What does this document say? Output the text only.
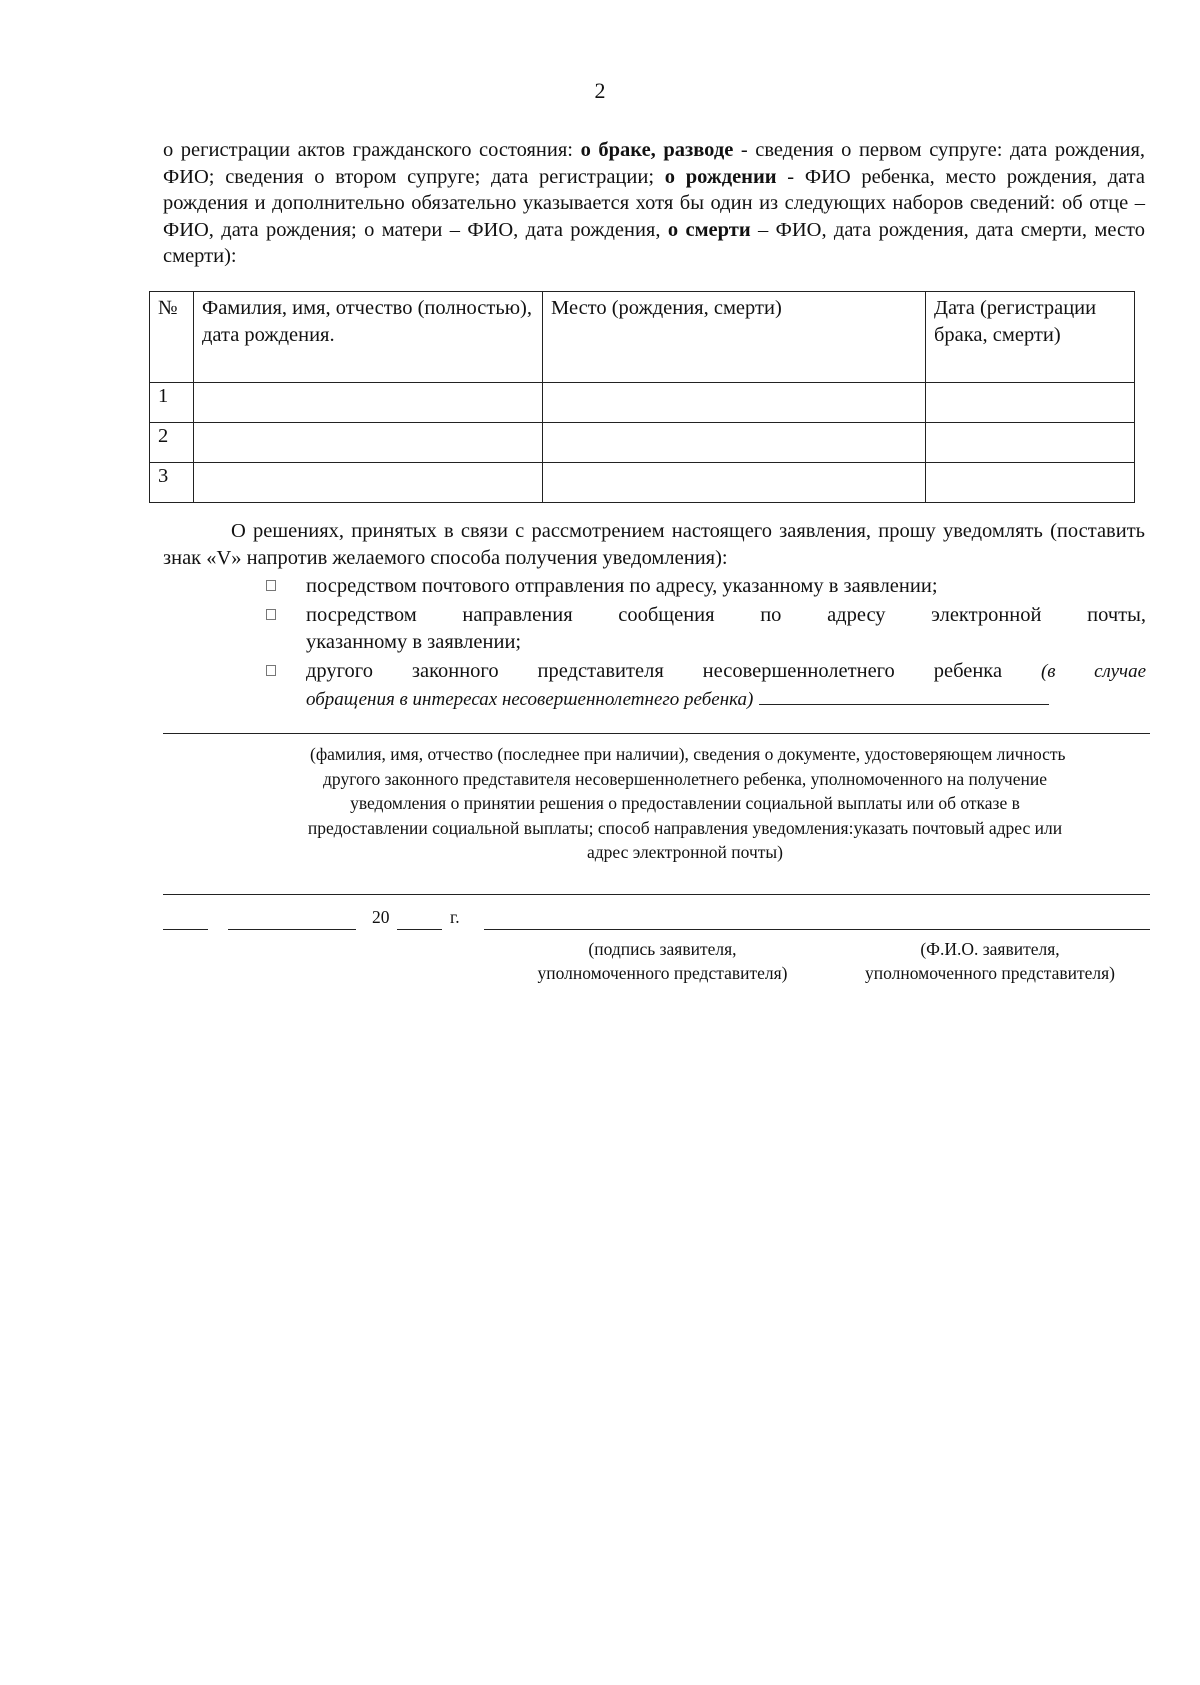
2
о регистрации актов гражданского состояния: о браке, разводе - сведения о первом супруге: дата рождения, ФИО; сведения о втором супруге; дата регистрации; о рождении - ФИО ребенка, место рождения, дата рождения и дополнительно обязательно указывается хотя бы один из следующих наборов сведений: об отце – ФИО, дата рождения; о матери – ФИО, дата рождения, о смерти – ФИО, дата рождения, дата смерти, место смерти):
№	Фамилия, имя, отчество (полностью), дата рождения.	Место (рождения, смерти)	Дата (регистрации брака, смерти)
1			
2			
3			
О решениях, принятых в связи с рассмотрением настоящего заявления, прошу уведомлять (поставить знак «V» напротив желаемого способа получения уведомления):
посредством почтового отправления по адресу, указанному в заявлении;
посредством направления сообщения по адресу электронной почты,
указанному в заявлении;
другого законного представителя несовершеннолетнего ребенка (в случае
обращения в интересах несовершеннолетнего ребенка)
(фамилия, имя, отчество (последнее при наличии), сведения о документе, удостоверяющем личность
другого законного представителя несовершеннолетнего ребенка, уполномоченного на получение
уведомления о принятии решения о предоставлении социальной выплаты или об отказе в
предоставлении социальной выплаты; способ направления уведомления:указать почтовый адрес или
адрес электронной почты)
20	г.
(подпись заявителя,
уполномоченного представителя)
(Ф.И.О. заявителя,
уполномоченного представителя)
